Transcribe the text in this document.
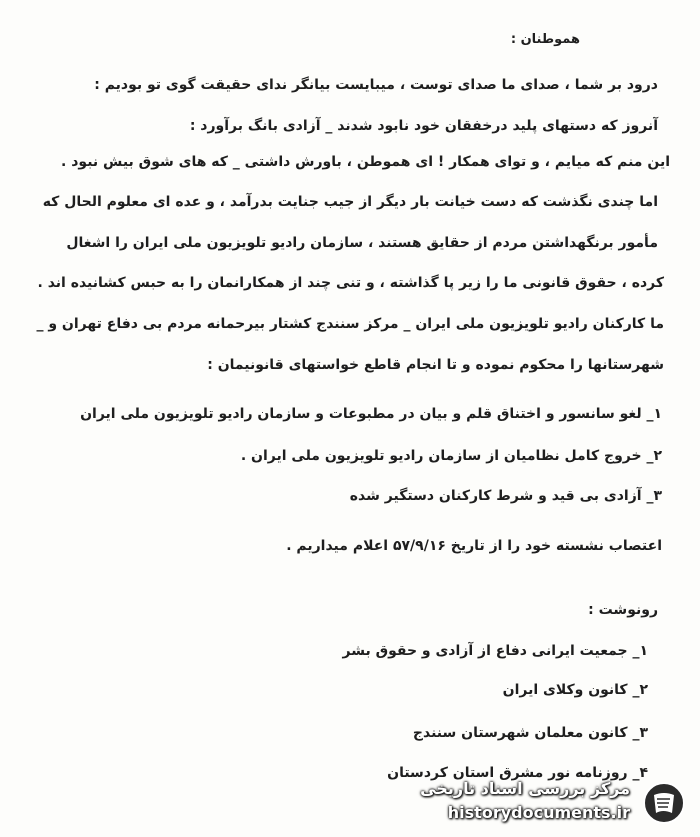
هموطنان :
درود بر شما ، صدای ما صدای توست ، میبایست بیانگر ندای حقیقت گوی تو بودیم :
آنروز که دستهای پلید درخفقان خود نابود شدند _ آزادی بانگ برآورد :
این منم که میایم ، و توای همکار ! ای هموطن ، باورش داشتی _ که های شوق بیش نبود .
اما چندی نگذشت که دست خیانت بار دیگر از جیب جنایت بدرآمد ، و عده ای معلوم الحال که
مأمور برنگهداشتن مردم از حقایق هستند ، سازمان رادیو تلویزیون ملی ایران را اشغال
کرده ، حقوق قانونی ما را زیر پا گذاشته ، و تنی چند از همکارانمان را به حبس کشانیده اند .
ما کارکنان رادیو تلویزیون ملی ایران _ مرکز سنندج کشتار بیرحمانه مردم بی دفاع تهران و _
شهرستانها را محکوم نموده و تا انجام قاطع خواستهای قانونیمان :
۱_ لغو سانسور و اختناق قلم و بیان در مطبوعات و سازمان رادیو تلویزیون ملی ایران
۲_ خروج کامل نظامیان از سازمان رادیو تلویزیون ملی ایران .
۳_ آزادی بی قید و شرط کارکنان دستگیر شده
اعتصاب نشسته خود را از تاریخ ۵۷/۹/۱۶ اعلام میداریم .
رونوشت :
۱_ جمعیت ایرانی دفاع از آزادی و حقوق بشر
۲_ کانون وکلای ایران
۳_ کانون معلمان شهرستان سنندج
۴_ روزنامه نور مشرق استان کردستان
مرکز بررسی اسناد تاریخی
historydocuments.ir
